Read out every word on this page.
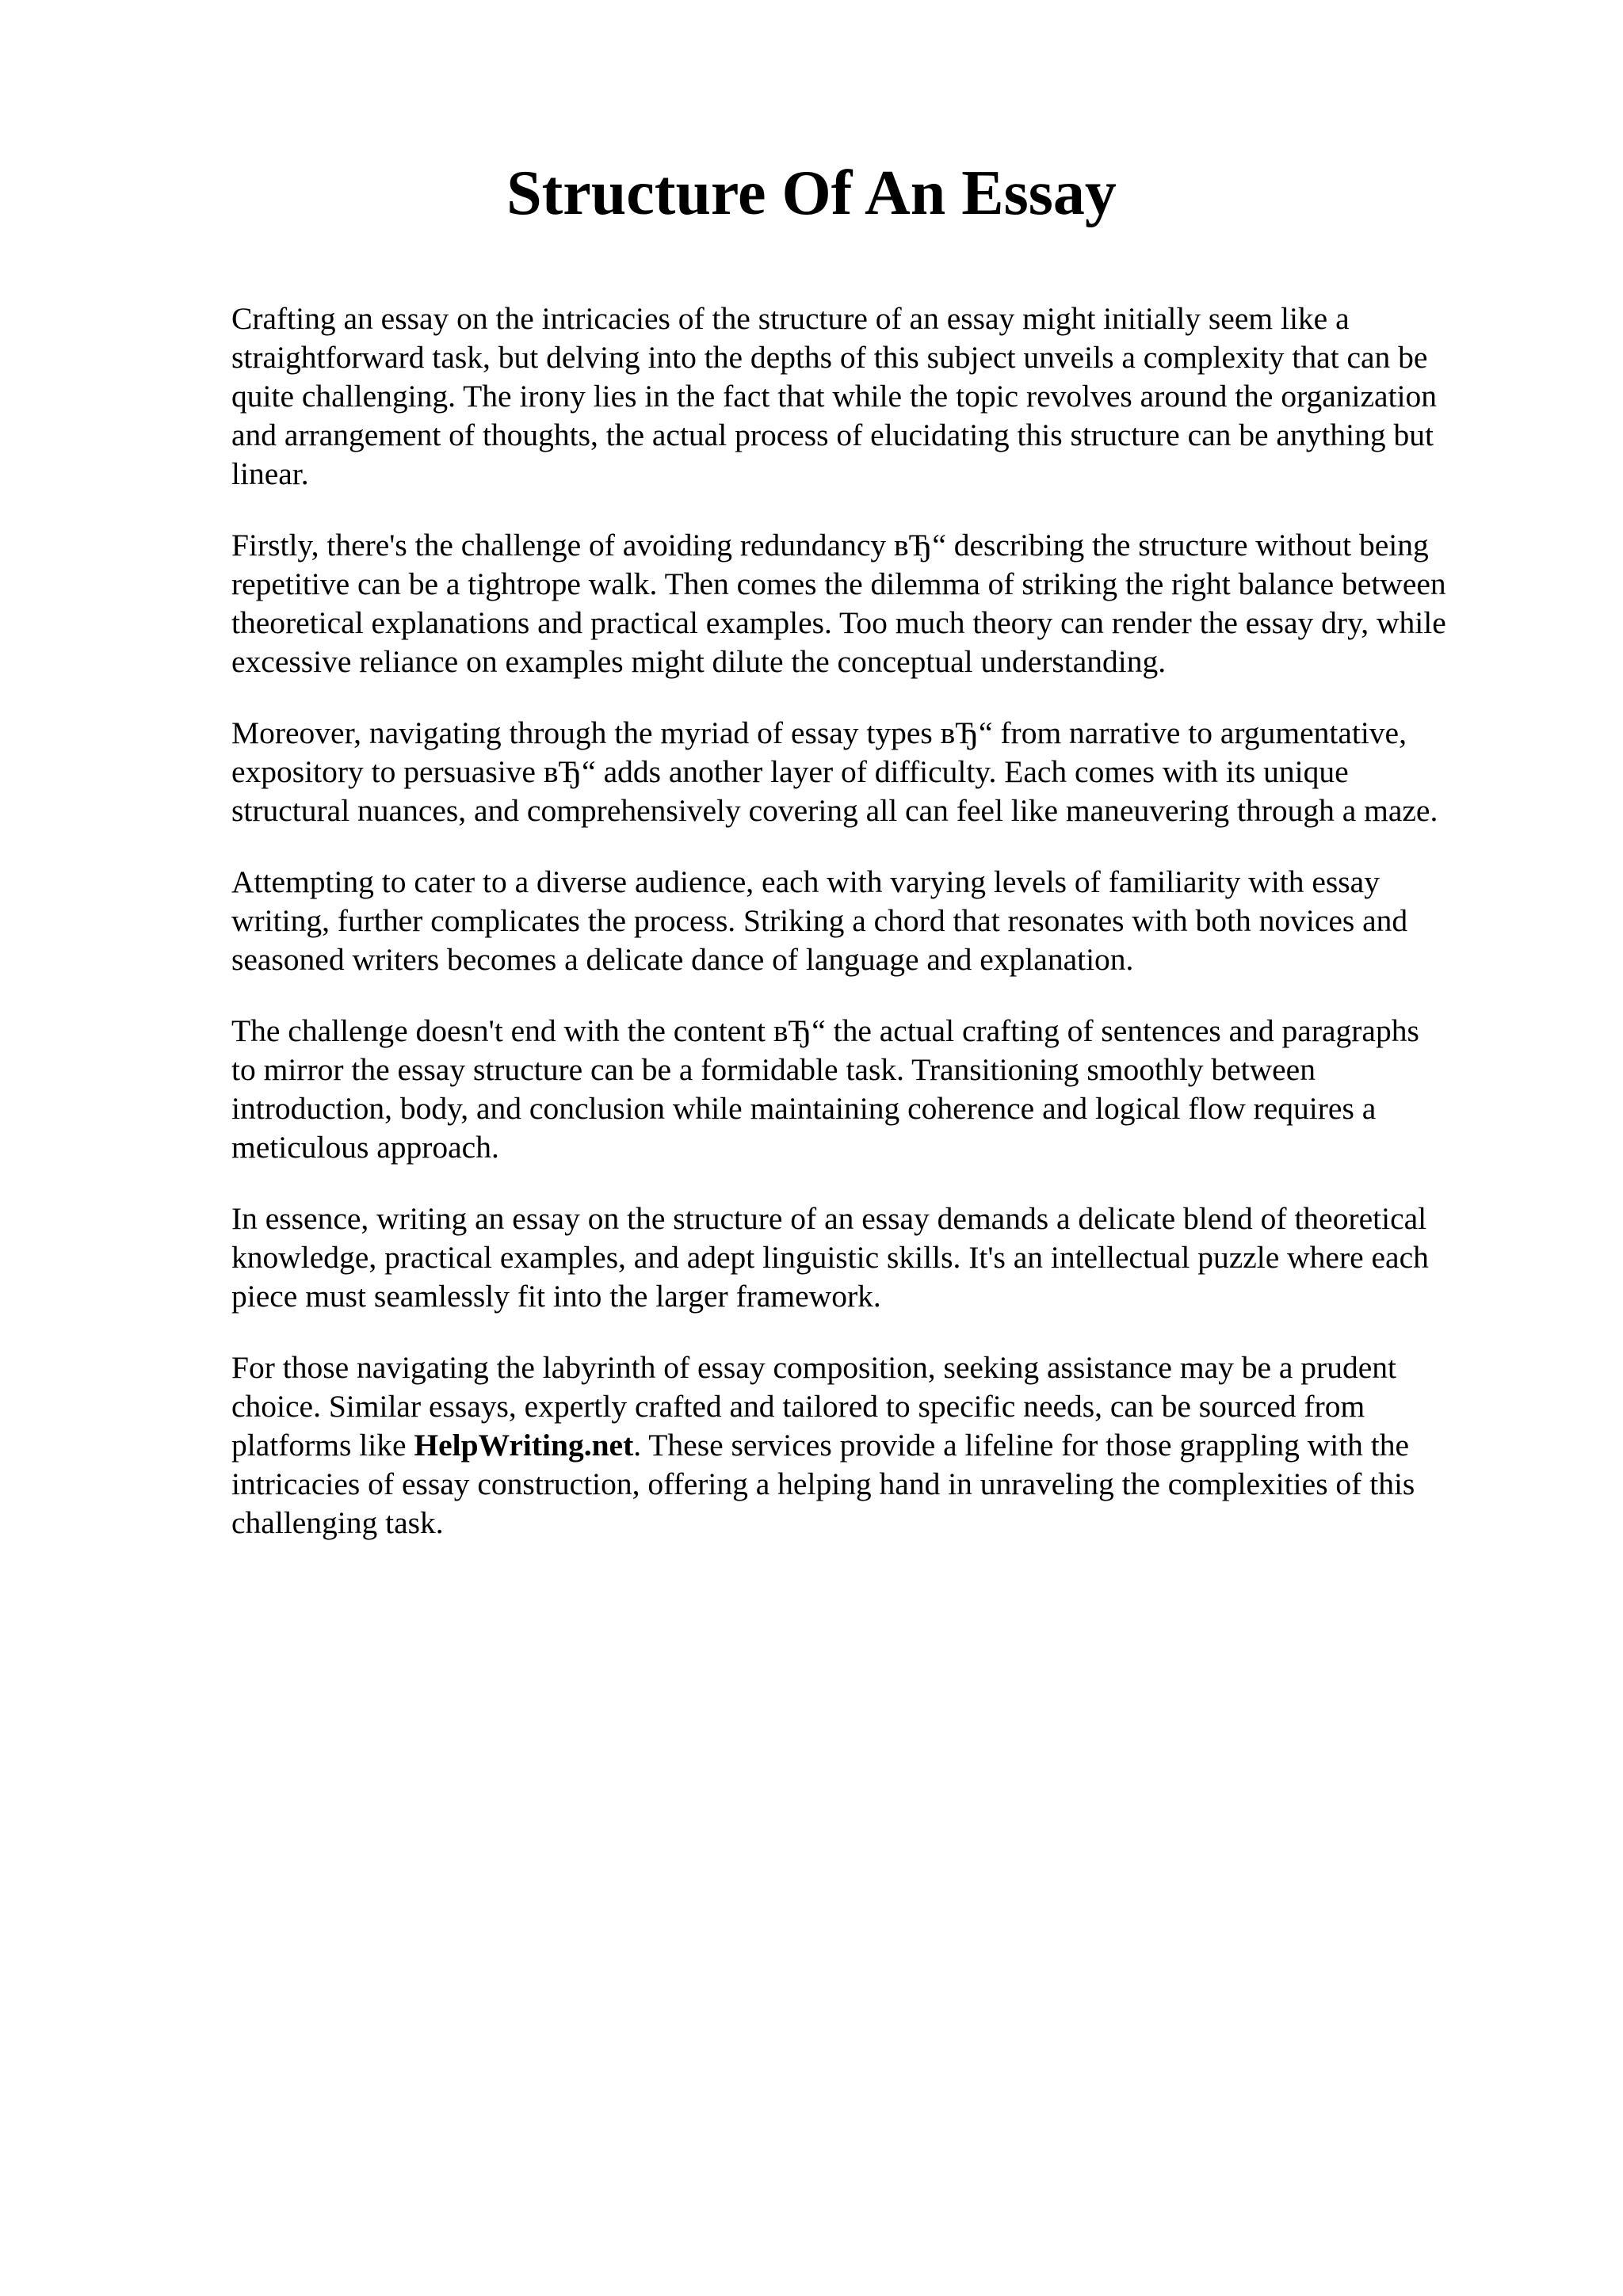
Structure Of An Essay

Crafting an essay on the intricacies of the structure of an essay might initially seem like a
straightforward task, but delving into the depths of this subject unveils a complexity that can be
quite challenging. The irony lies in the fact that while the topic revolves around the organization
and arrangement of thoughts, the actual process of elucidating this structure can be anything but
linear.

Firstly, there's the challenge of avoiding redundancy вЂ“ describing the structure without being
repetitive can be a tightrope walk. Then comes the dilemma of striking the right balance between
theoretical explanations and practical examples. Too much theory can render the essay dry, while
excessive reliance on examples might dilute the conceptual understanding.

Moreover, navigating through the myriad of essay types вЂ“ from narrative to argumentative,
expository to persuasive вЂ“ adds another layer of difficulty. Each comes with its unique
structural nuances, and comprehensively covering all can feel like maneuvering through a maze.

Attempting to cater to a diverse audience, each with varying levels of familiarity with essay
writing, further complicates the process. Striking a chord that resonates with both novices and
seasoned writers becomes a delicate dance of language and explanation.

The challenge doesn't end with the content вЂ“ the actual crafting of sentences and paragraphs
to mirror the essay structure can be a formidable task. Transitioning smoothly between
introduction, body, and conclusion while maintaining coherence and logical flow requires a
meticulous approach.

In essence, writing an essay on the structure of an essay demands a delicate blend of theoretical
knowledge, practical examples, and adept linguistic skills. It's an intellectual puzzle where each
piece must seamlessly fit into the larger framework.

For those navigating the labyrinth of essay composition, seeking assistance may be a prudent
choice. Similar essays, expertly crafted and tailored to specific needs, can be sourced from
platforms like HelpWriting.net. These services provide a lifeline for those grappling with the
intricacies of essay construction, offering a helping hand in unraveling the complexities of this
challenging task.
